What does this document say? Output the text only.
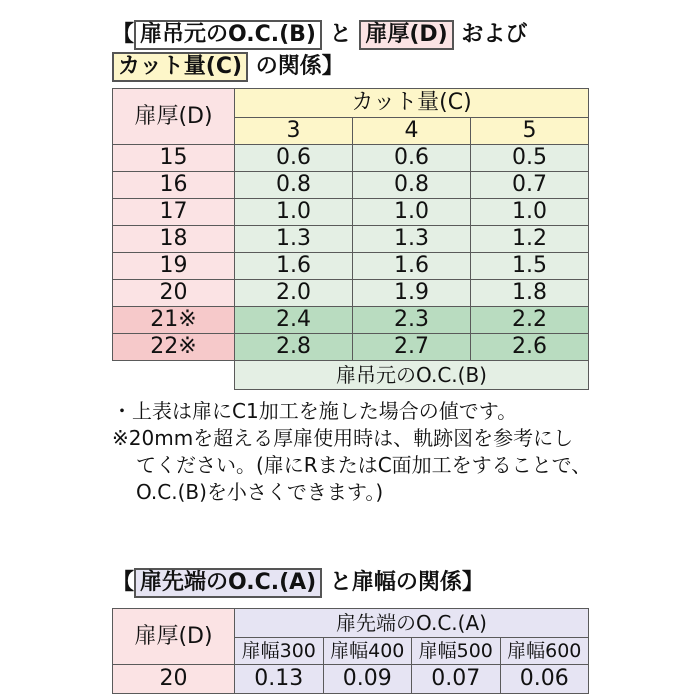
【 扉吊元のO.C.(B) と 扉厚(D) および
カット量(C) の関係】
扉厚(D)	カット量(C)		
	3	4	5
15	0.6	0.6	0.5
16	0.8	0.8	0.7
17	1.0	1.0	1.0
18	1.3	1.3	1.2
19	1.6	1.6	1.5
20	2.0	1.9	1.8
21※	2.4	2.3	2.2
22※	2.8	2.7	2.6
	扉吊元のO.C.(B)		
・上表は扉にC1加工を施した場合の値です。
※20mmを超える厚扉使用時は、軌跡図を参考にし
てください。(扉にRまたはC面加工をすることで、
O.C.(B)を小さくできます。)
【 扉先端のO.C.(A) と扉幅の関係】
扉厚(D)	扉先端のO.C.(A)			
	扉幅300	扉幅400	扉幅500	扉幅600
20	0.13	0.09	0.07	0.06
